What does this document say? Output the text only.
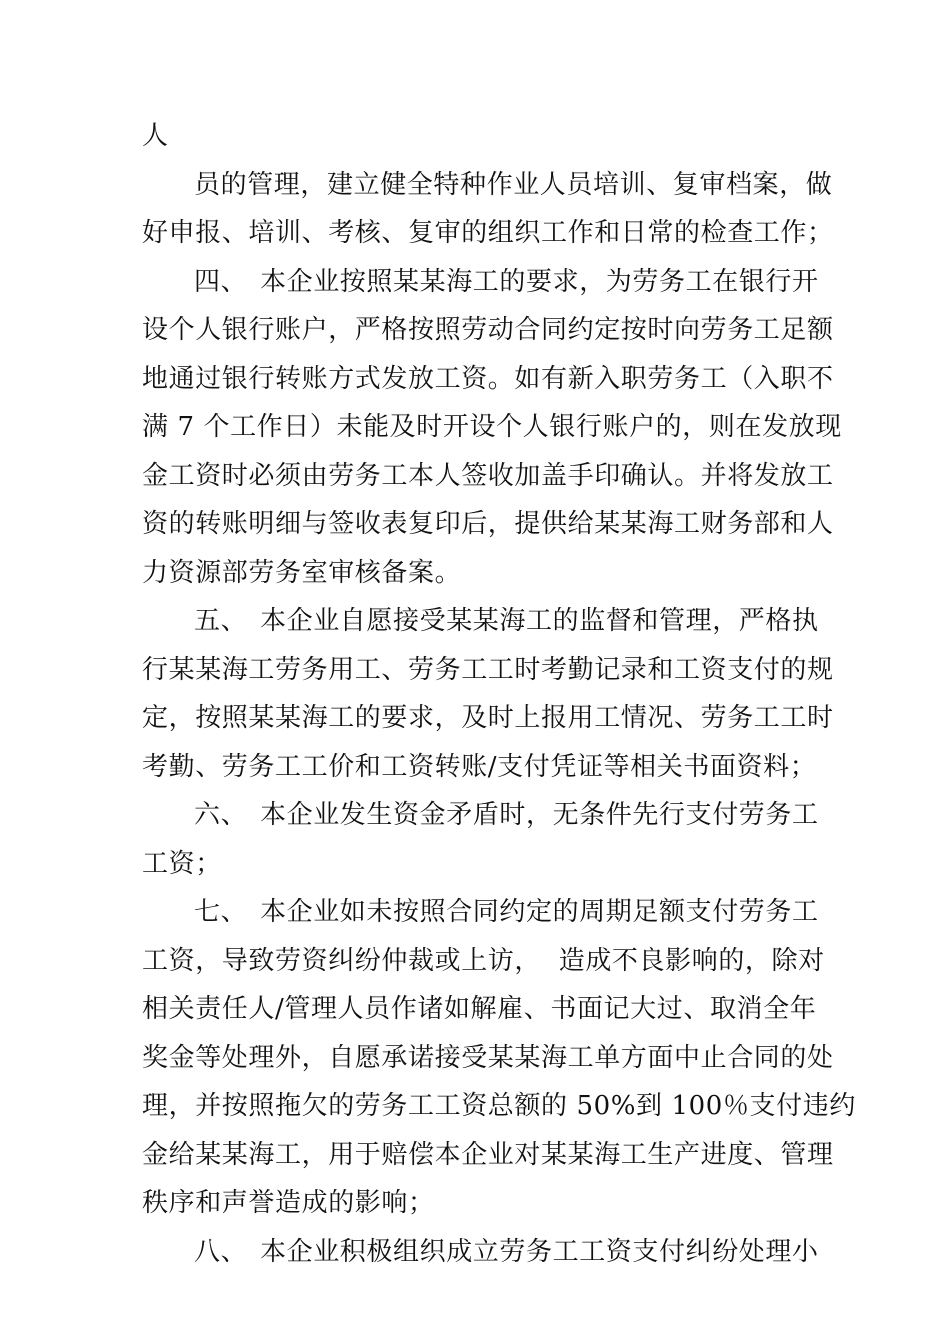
人
员的管理，建立健全特种作业人员培训、复审档案，做
好申报、培训、考核、复审的组织工作和日常的检查工作；
四、 本企业按照某某海工的要求，为劳务工在银行开
设个人银行账户，严格按照劳动合同约定按时向劳务工足额
地通过银行转账方式发放工资。如有新入职劳务工（入职不
满 7 个工作日）未能及时开设个人银行账户的，则在发放现
金工资时必须由劳务工本人签收加盖手印确认。并将发放工
资的转账明细与签收表复印后，提供给某某海工财务部和人
力资源部劳务室审核备案。
五、 本企业自愿接受某某海工的监督和管理，严格执
行某某海工劳务用工、劳务工工时考勤记录和工资支付的规
定，按照某某海工的要求，及时上报用工情况、劳务工工时
考勤、劳务工工价和工资转账/支付凭证等相关书面资料；
六、 本企业发生资金矛盾时，无条件先行支付劳务工
工资；
七、 本企业如未按照合同约定的周期足额支付劳务工
工资，导致劳资纠纷仲裁或上访，  造成不良影响的，除对
相关责任人/管理人员作诸如解雇、书面记大过、取消全年
奖金等处理外，自愿承诺接受某某海工单方面中止合同的处
理，并按照拖欠的劳务工工资总额的 50%到 100％支付违约
金给某某海工，用于赔偿本企业对某某海工生产进度、管理
秩序和声誉造成的影响；
八、 本企业积极组织成立劳务工工资支付纠纷处理小
